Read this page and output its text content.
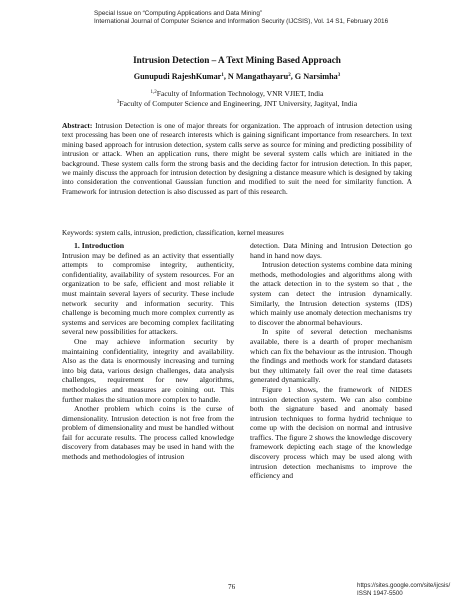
Special Issue on “Computing Applications and Data Mining”
International Journal of Computer Science and Information Security (IJCSIS), Vol. 14 S1, February 2016
Intrusion Detection – A Text Mining Based Approach
Gunupudi RajeshKumar$^1$, N Mangathayaru$^2$, G Narsimha$^3$
$^{1,2}$Faculty of Information Technology, VNR VJIET, India
$^3$Faculty of Computer Science and Engineering, JNT University, Jagityal, India
Abstract: Intrusion Detection is one of major threats for organization. The approach of intrusion detection using text processing has been one of research interests which is gaining significant importance from researchers. In text mining based approach for intrusion detection, system calls serve as source for mining and predicting possibility of intrusion or attack. When an application runs, there might be several system calls which are initiated in the background. These system calls form the strong basis and the deciding factor for intrusion detection. In this paper, we mainly discuss the approach for intrusion detection by designing a distance measure which is designed by taking into consideration the conventional Gaussian function and modified to suit the need for similarity function. A Framework for intrusion detection is also discussed as part of this research.
Keywords: system calls, intrusion, prediction, classification, kernel measures

1. Introduction

Intrusion may be defined as an activity that essentially attempts to compromise integrity, authenticity, confidentiality, availability of system resources. For an organization to be safe, efficient and most reliable it must maintain several layers of security. These include network security and information security. This challenge is becoming much more complex currently as systems and services are becoming complex facilitating several new possibilities for attackers.

One may achieve information security by maintaining confidentiality, integrity and availability. Also as the data is enormously increasing and turning into big data, various design challenges, data analysis challenges, requirement for new algorithms, methodologies and measures are coining out. This further makes the situation more complex to handle.

Another problem which coins is the curse of dimensionality. Intrusion detection is not free from the problem of dimensionality and must be handled without fail for accurate results. The process called knowledge discovery from databases may be used in hand with the methods and methodologies of intrusion

detection. Data Mining and Intrusion Detection go hand in hand now days.

Intrusion detection systems combine data mining methods, methodologies and algorithms along with the attack detection in to the system so that , the system can detect the intrusion dynamically. Similarly, the Intrusion detection systems (IDS) which mainly use anomaly detection mechanisms try to discover the abnormal behaviours.

In spite of several detection mechanisms available, there is a dearth of proper mechanism which can fix the behaviour as the intrusion. Though the findings and methods work for standard datasets but they ultimately fail over the real time datasets generated dynamically.

Figure 1 shows, the framework of NIDES intrusion detection system. We can also combine both the signature based and anomaly based intrusion techniques to forma hydrid technique to come up with the decision on normal and intrusive traffics. The figure 2 shows the knowledge discovery framework depicting each stage of the knowledge discovery process which may be used along with intrusion detection mechanisms to improve the efficiency and

76	https://sites.google.com/site/ijcsis/
ISSN 1947-5500
